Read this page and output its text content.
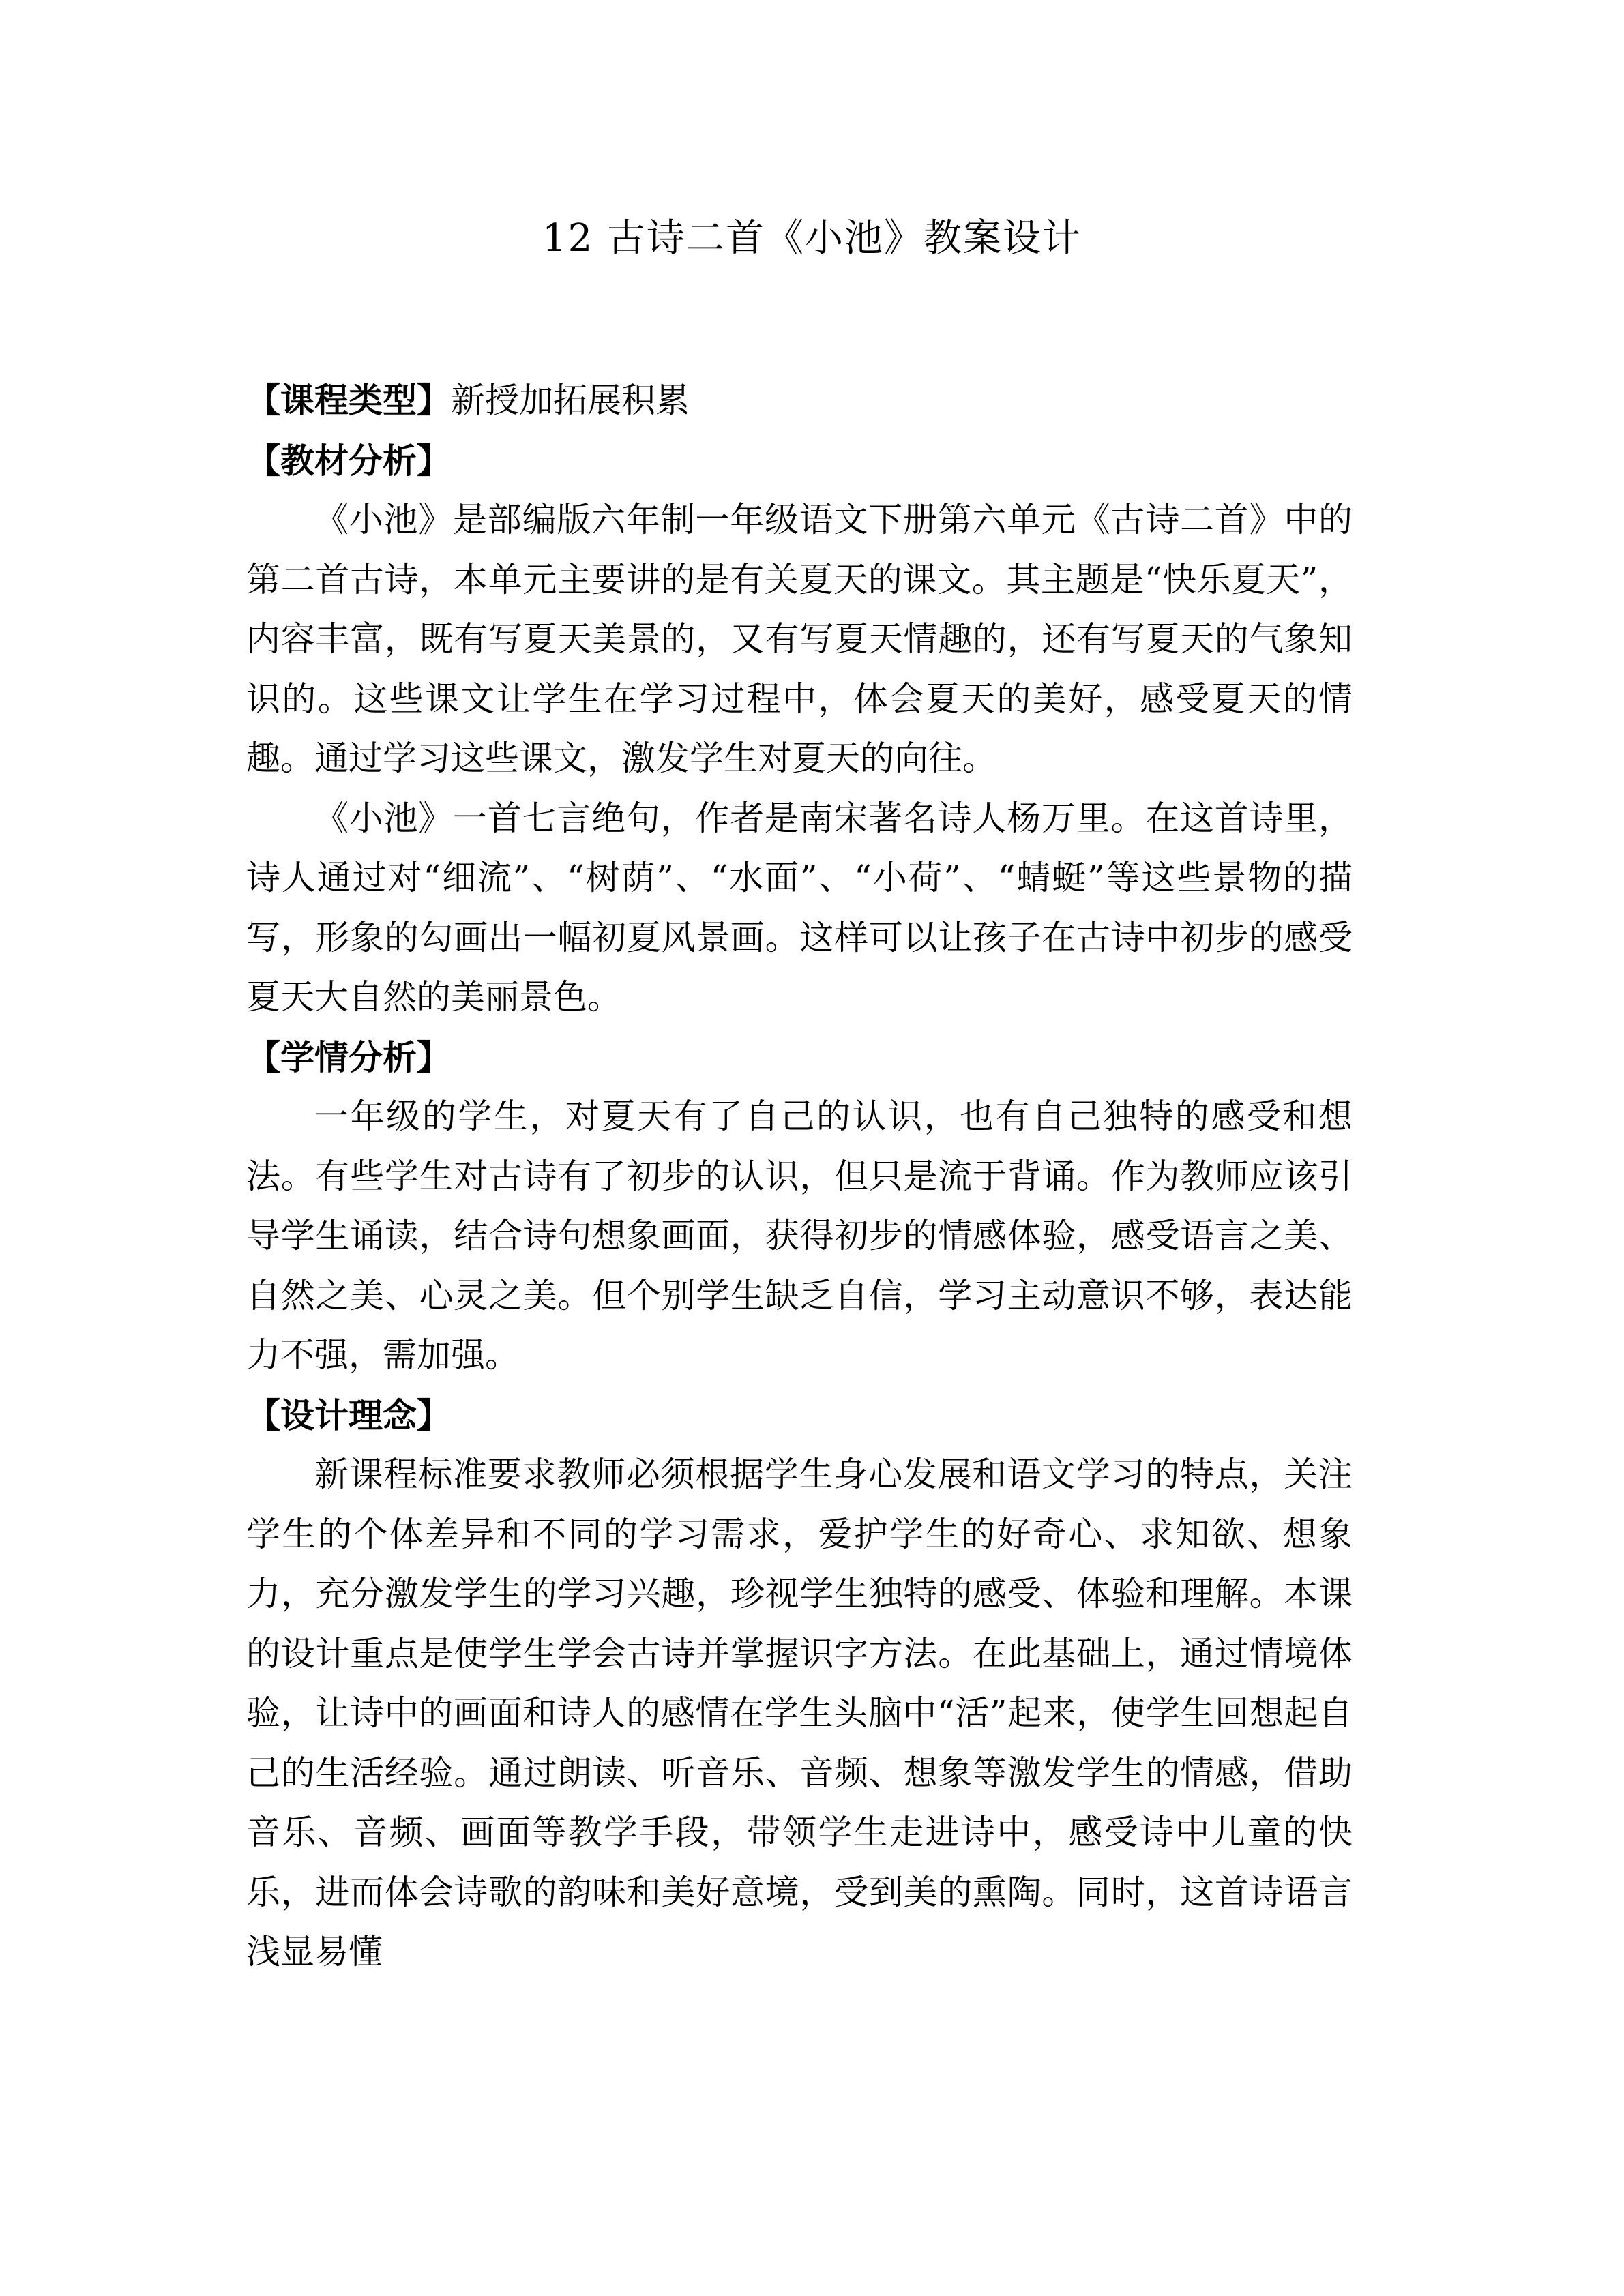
12 古诗二首《小池》教案设计

【课程类型】新授加拓展积累

【教材分析】

《小池》是部编版六年制一年级语文下册第六单元《古诗二首》中的第二首古诗，本单元主要讲的是有关夏天的课文。其主题是“快乐夏天”，内容丰富，既有写夏天美景的，又有写夏天情趣的，还有写夏天的气象知识的。这些课文让学生在学习过程中，体会夏天的美好，感受夏天的情趣。通过学习这些课文，激发学生对夏天的向往。

《小池》一首七言绝句，作者是南宋著名诗人杨万里。在这首诗里，诗人通过对“细流”、“树荫”、“水面”、“小荷”、“蜻蜓”等这些景物的描写，形象的勾画出一幅初夏风景画。这样可以让孩子在古诗中初步的感受夏天大自然的美丽景色。

【学情分析】

一年级的学生，对夏天有了自己的认识，也有自己独特的感受和想法。有些学生对古诗有了初步的认识，但只是流于背诵。作为教师应该引导学生诵读，结合诗句想象画面，获得初步的情感体验，感受语言之美、自然之美、心灵之美。但个别学生缺乏自信，学习主动意识不够，表达能力不强，需加强。

【设计理念】

新课程标准要求教师必须根据学生身心发展和语文学习的特点，关注学生的个体差异和不同的学习需求，爱护学生的好奇心、求知欲、想象力，充分激发学生的学习兴趣，珍视学生独特的感受、体验和理解。本课的设计重点是使学生学会古诗并掌握识字方法。在此基础上，通过情境体验，让诗中的画面和诗人的感情在学生头脑中“活”起来，使学生回想起自己的生活经验。通过朗读、听音乐、音频、想象等激发学生的情感，借助音乐、音频、画面等教学手段，带领学生走进诗中，感受诗中儿童的快乐，进而体会诗歌的韵味和美好意境，受到美的熏陶。同时，这首诗语言浅显易懂
